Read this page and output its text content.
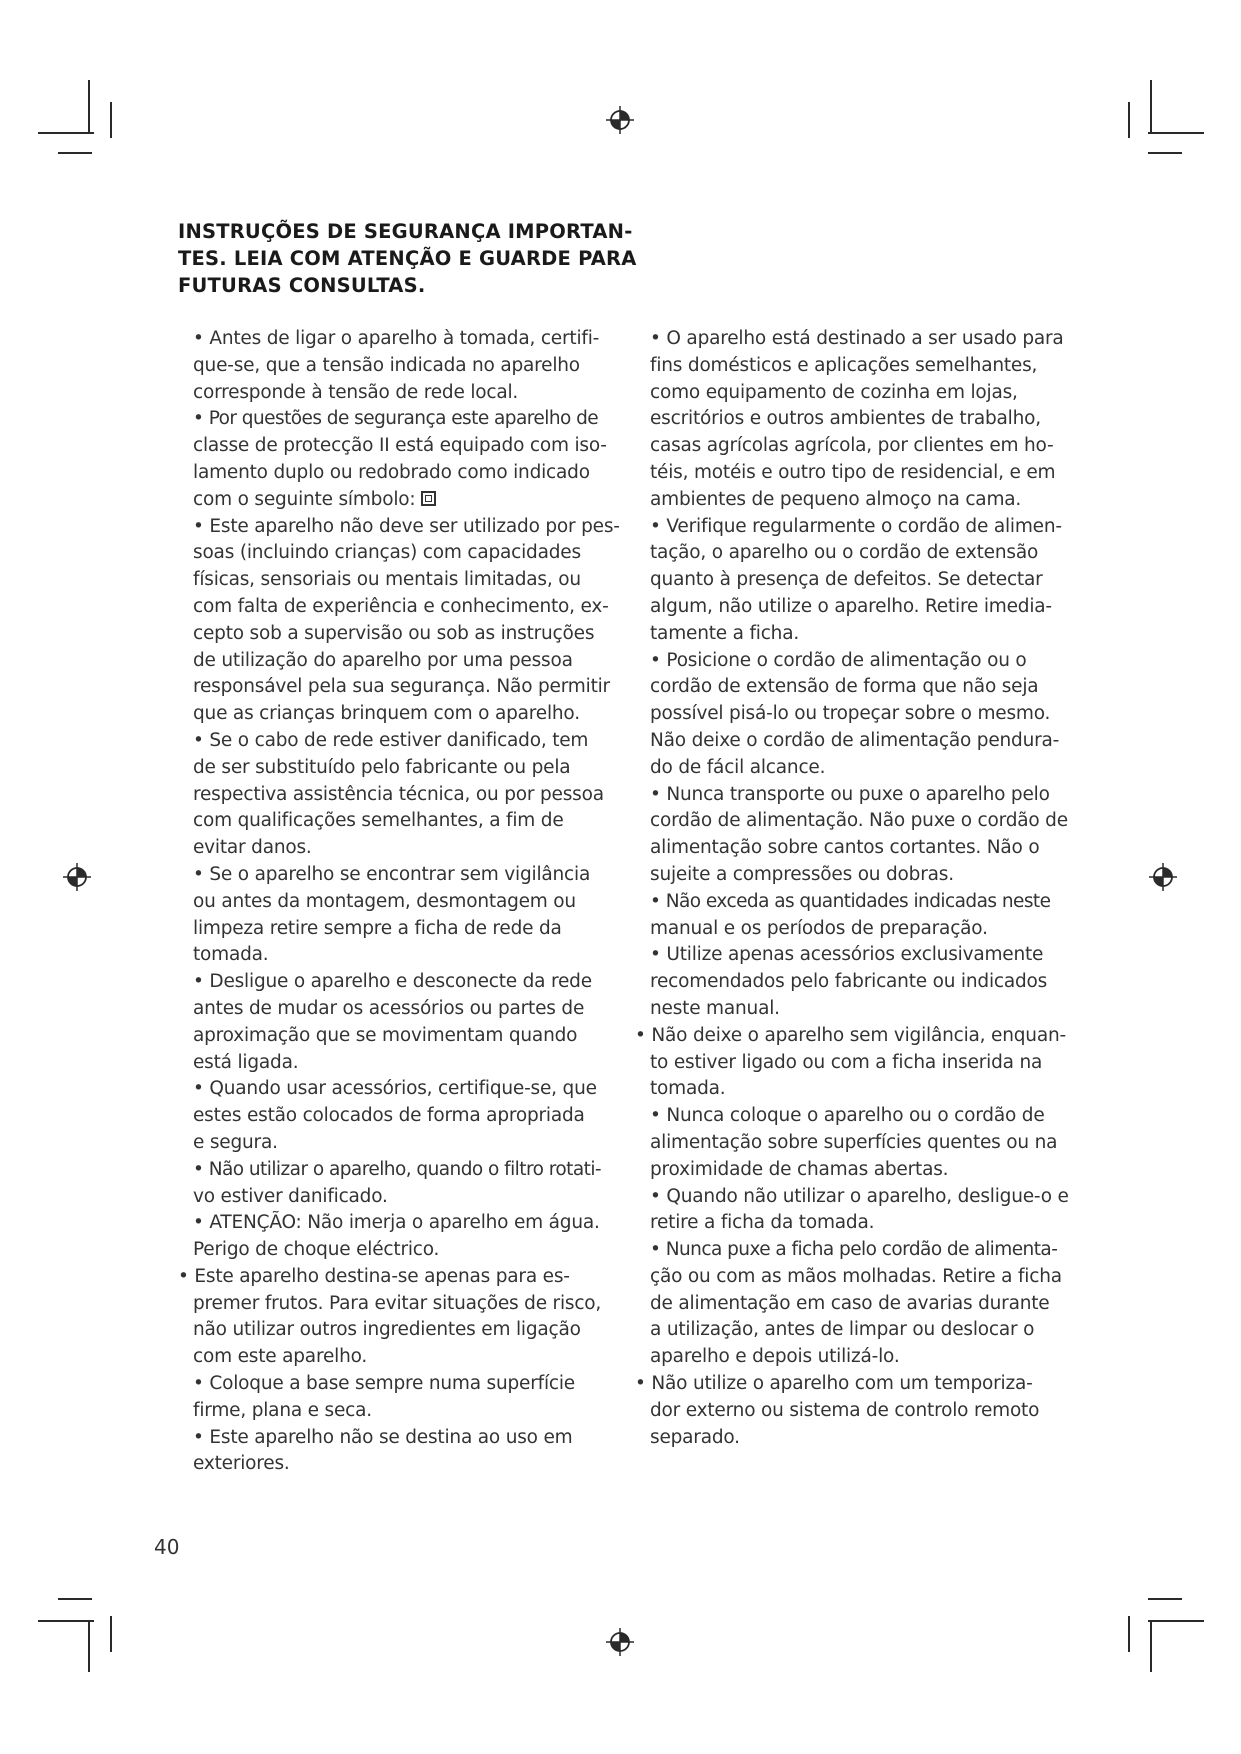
INSTRUÇÕES DE SEGURANÇA IMPORTAN-
TES. LEIA COM ATENÇÃO E GUARDE PARA
FUTURAS CONSULTAS.
• Antes de ligar o aparelho à tomada, certifi-
que-se, que a tensão indicada no aparelho
corresponde à tensão de rede local.
• Por questões de segurança este aparelho de
classe de protecção II está equipado com iso-
lamento duplo ou redobrado como indicado
com o seguinte símbolo:
• Este aparelho não deve ser utilizado por pes-
soas (incluindo crianças) com capacidades
físicas, sensoriais ou mentais limitadas, ou
com falta de experiência e conhecimento, ex-
cepto sob a supervisão ou sob as instruções
de utilização do aparelho por uma pessoa
responsável pela sua segurança. Não permitir
que as crianças brinquem com o aparelho.
• Se o cabo de rede estiver danificado, tem
de ser substituído pelo fabricante ou pela
respectiva assistência técnica, ou por pessoa
com qualificações semelhantes, a fim de
evitar danos.
• Se o aparelho se encontrar sem vigilância
ou antes da montagem, desmontagem ou
limpeza retire sempre a ficha de rede da
tomada.
• Desligue o aparelho e desconecte da rede
antes de mudar os acessórios ou partes de
aproximação que se movimentam quando
está ligada.
• Quando usar acessórios, certifique-se, que
estes estão colocados de forma apropriada
e segura.
• Não utilizar o aparelho, quando o filtro rotati-
vo estiver danificado.
• ATENÇÃO: Não imerja o aparelho em água.
Perigo de choque eléctrico.
• Este aparelho destina-se apenas para es-
premer frutos. Para evitar situações de risco,
não utilizar outros ingredientes em ligação
com este aparelho.
• Coloque a base sempre numa superfície
firme, plana e seca.
• Este aparelho não se destina ao uso em
exteriores.
• O aparelho está destinado a ser usado para
fins domésticos e aplicações semelhantes,
como equipamento de cozinha em lojas,
escritórios e outros ambientes de trabalho,
casas agrícolas agrícola, por clientes em ho-
téis, motéis e outro tipo de residencial, e em
ambientes de pequeno almoço na cama.
• Verifique regularmente o cordão de alimen-
tação, o aparelho ou o cordão de extensão
quanto à presença de defeitos. Se detectar
algum, não utilize o aparelho. Retire imedia-
tamente a ficha.
• Posicione o cordão de alimentação ou o
cordão de extensão de forma que não seja
possível pisá-lo ou tropeçar sobre o mesmo.
Não deixe o cordão de alimentação pendura-
do de fácil alcance.
• Nunca transporte ou puxe o aparelho pelo
cordão de alimentação. Não puxe o cordão de
alimentação sobre cantos cortantes. Não o
sujeite a compressões ou dobras.
• Não exceda as quantidades indicadas neste
manual e os períodos de preparação.
• Utilize apenas acessórios exclusivamente
recomendados pelo fabricante ou indicados
neste manual.
• Não deixe o aparelho sem vigilância, enquan-
to estiver ligado ou com a ficha inserida na
tomada.
• Nunca coloque o aparelho ou o cordão de
alimentação sobre superfícies quentes ou na
proximidade de chamas abertas.
• Quando não utilizar o aparelho, desligue-o e
retire a ficha da tomada.
• Nunca puxe a ficha pelo cordão de alimenta-
ção ou com as mãos molhadas. Retire a ficha
de alimentação em caso de avarias durante
a utilização, antes de limpar ou deslocar o
aparelho e depois utilizá-lo.
• Não utilize o aparelho com um temporiza-
dor externo ou sistema de controlo remoto
separado.
40
